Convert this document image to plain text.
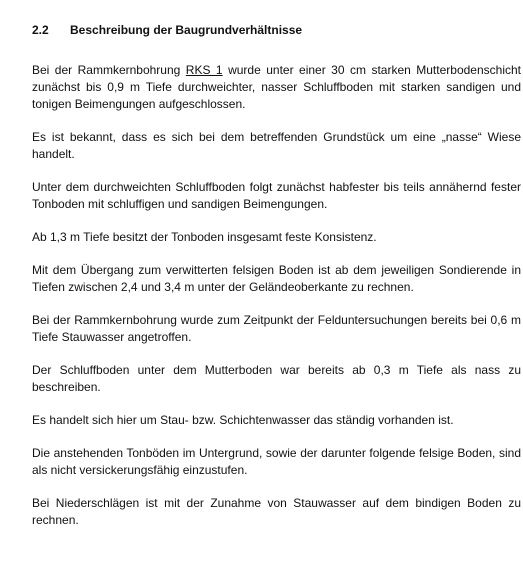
2.2	Beschreibung der Baugrundverhältnisse

Bei der Rammkernbohrung RKS 1 wurde unter einer 30 cm starken Mutterbodenschicht zunächst bis 0,9 m Tiefe durchweichter, nasser Schluffboden mit starken sandigen und tonigen Beimengungen aufgeschlossen.

Es ist bekannt, dass es sich bei dem betreffenden Grundstück um eine „nasse“ Wiese handelt.

Unter dem durchweichten Schluffboden folgt zunächst habfester bis teils annähernd fester Tonboden mit schluffigen und sandigen Beimengungen.

Ab 1,3 m Tiefe besitzt der Tonboden insgesamt feste Konsistenz.

Mit dem Übergang zum verwitterten felsigen Boden ist ab dem jeweiligen Sondierende in Tiefen zwischen 2,4 und 3,4 m unter der Geländeoberkante zu rechnen.

Bei der Rammkernbohrung wurde zum Zeitpunkt der Felduntersuchungen bereits bei 0,6 m Tiefe Stauwasser angetroffen.

Der Schluffboden unter dem Mutterboden war bereits ab 0,3 m Tiefe als nass zu beschreiben.

Es handelt sich hier um Stau- bzw. Schichtenwasser das ständig vorhanden ist.

Die anstehenden Tonböden im Untergrund, sowie der darunter folgende felsige Boden, sind als nicht versickerungsfähig einzustufen.

Bei Niederschlägen ist mit der Zunahme von Stauwasser auf dem bindigen Boden zu rechnen.
